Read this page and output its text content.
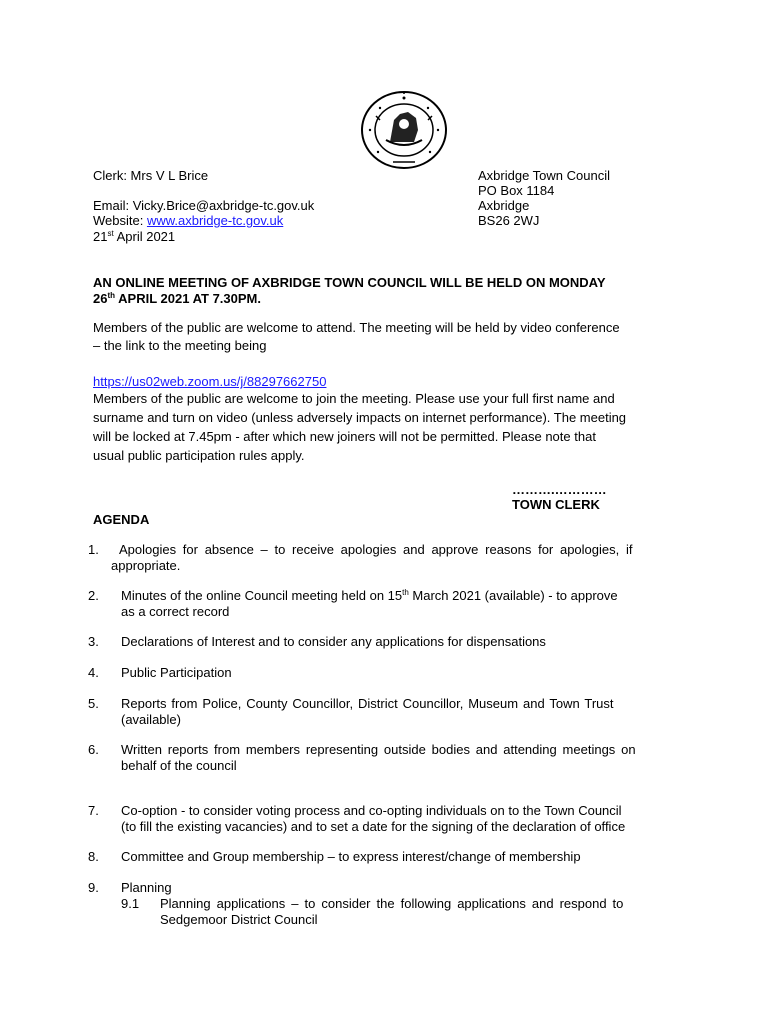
Clerk: Mrs V L Brice
Email: Vicky.Brice@axbridge-tc.gov.uk
Website: www.axbridge-tc.gov.uk
21st April 2021
Axbridge Town Council
PO Box 1184
Axbridge
BS26 2WJ
AN ONLINE MEETING OF AXBRIDGE TOWN COUNCIL WILL BE HELD ON MONDAY
26th APRIL 2021 AT 7.30PM.
Members of the public are welcome to attend. The meeting will be held by video conference
– the link to the meeting being
https://us02web.zoom.us/j/88297662750
Members of the public are welcome to join the meeting. Please use your full first name and
surname and turn on video (unless adversely impacts on internet performance). The meeting
will be locked at 7.45pm - after which new joiners will not be permitted. Please note that
usual public participation rules apply.
……….…………
TOWN CLERK
AGENDA
1.	Apologies for absence – to receive apologies and approve reasons for apologies, if
appropriate.
2.	Minutes of the online Council meeting held on 15th March 2021 (available) - to approve
as a correct record
3.	Declarations of Interest and to consider any applications for dispensations
4.	Public Participation
5.	Reports from Police, County Councillor, District Councillor, Museum and Town Trust
(available)
6.	Written reports from members representing outside bodies and attending meetings on
behalf of the council
7.	Co-option - to consider voting process and co-opting individuals on to the Town Council
(to fill the existing vacancies) and to set a date for the signing of the declaration of office
8.	Committee and Group membership – to express interest/change of membership
9.	Planning
9.1 Planning applications – to consider the following applications and respond to
Sedgemoor District Council
